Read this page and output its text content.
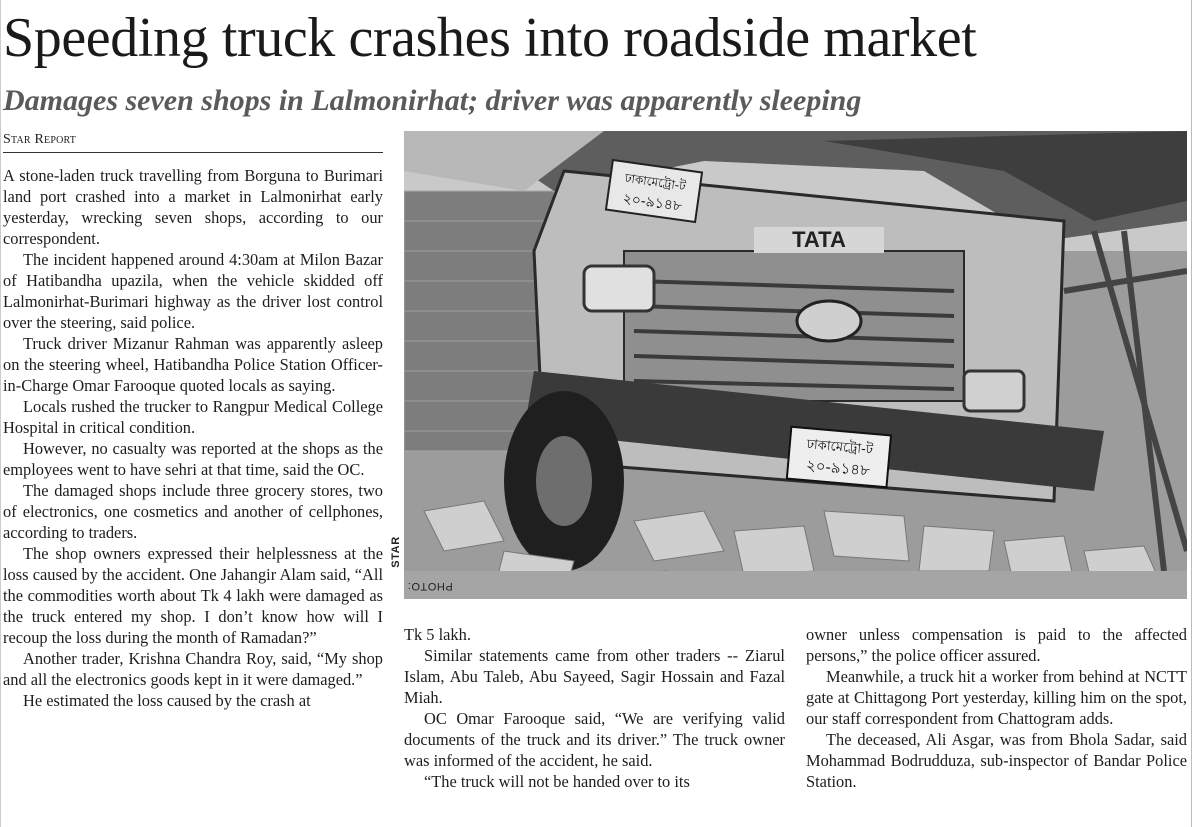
Speeding truck crashes into roadside market
Damages seven shops in Lalmonirhat; driver was apparently sleeping
Star Report

A stone-laden truck travelling from Borguna to Burimari land port crashed into a market in Lalmonirhat early yesterday, wrecking seven shops, according to our correspondent.

The incident happened around 4:30am at Milon Bazar of Hatibandha upazila, when the vehicle skidded off Lalmonirhat-Burimari highway as the driver lost control over the steering, said police.

Truck driver Mizanur Rahman was apparently asleep on the steering wheel, Hatibandha Police Station Officer-in-Charge Omar Farooque quoted locals as saying.

Locals rushed the trucker to Rangpur Medical College Hospital in critical condition.

However, no casualty was reported at the shops as the employees went to have sehri at that time, said the OC.

The damaged shops include three grocery stores, two of electronics, one cosmetics and another of cellphones, according to traders.

The shop owners expressed their helplessness at the loss caused by the accident. One Jahangir Alam said, “All the commodities worth about Tk 4 lakh were damaged as the truck entered my shop. I don’t know how will I recoup the loss during the month of Ramadan?”

Another trader, Krishna Chandra Roy, said, “My shop and all the electronics goods kept in it were damaged.”

He estimated the loss caused by the crash at

TATA
ঢাকামেট্রো-ট
২০-৯১৪৮
ঢাকামেট্রো-ট
২০-৯১৪৮
PHOTO:
STAR

Tk 5 lakh.

Similar statements came from other traders -- Ziarul Islam, Abu Taleb, Abu Sayeed, Sagir Hossain and Fazal Miah.

OC Omar Farooque said, “We are verifying valid documents of the truck and its driver.” The truck owner was informed of the accident, he said.

“The truck will not be handed over to its

owner unless compensation is paid to the affected persons,” the police officer assured.

Meanwhile, a truck hit a worker from behind at NCTT gate at Chittagong Port yesterday, killing him on the spot, our staff correspondent from Chattogram adds.

The deceased, Ali Asgar, was from Bhola Sadar, said Mohammad Bodrudduza, sub-inspector of Bandar Police Station.
